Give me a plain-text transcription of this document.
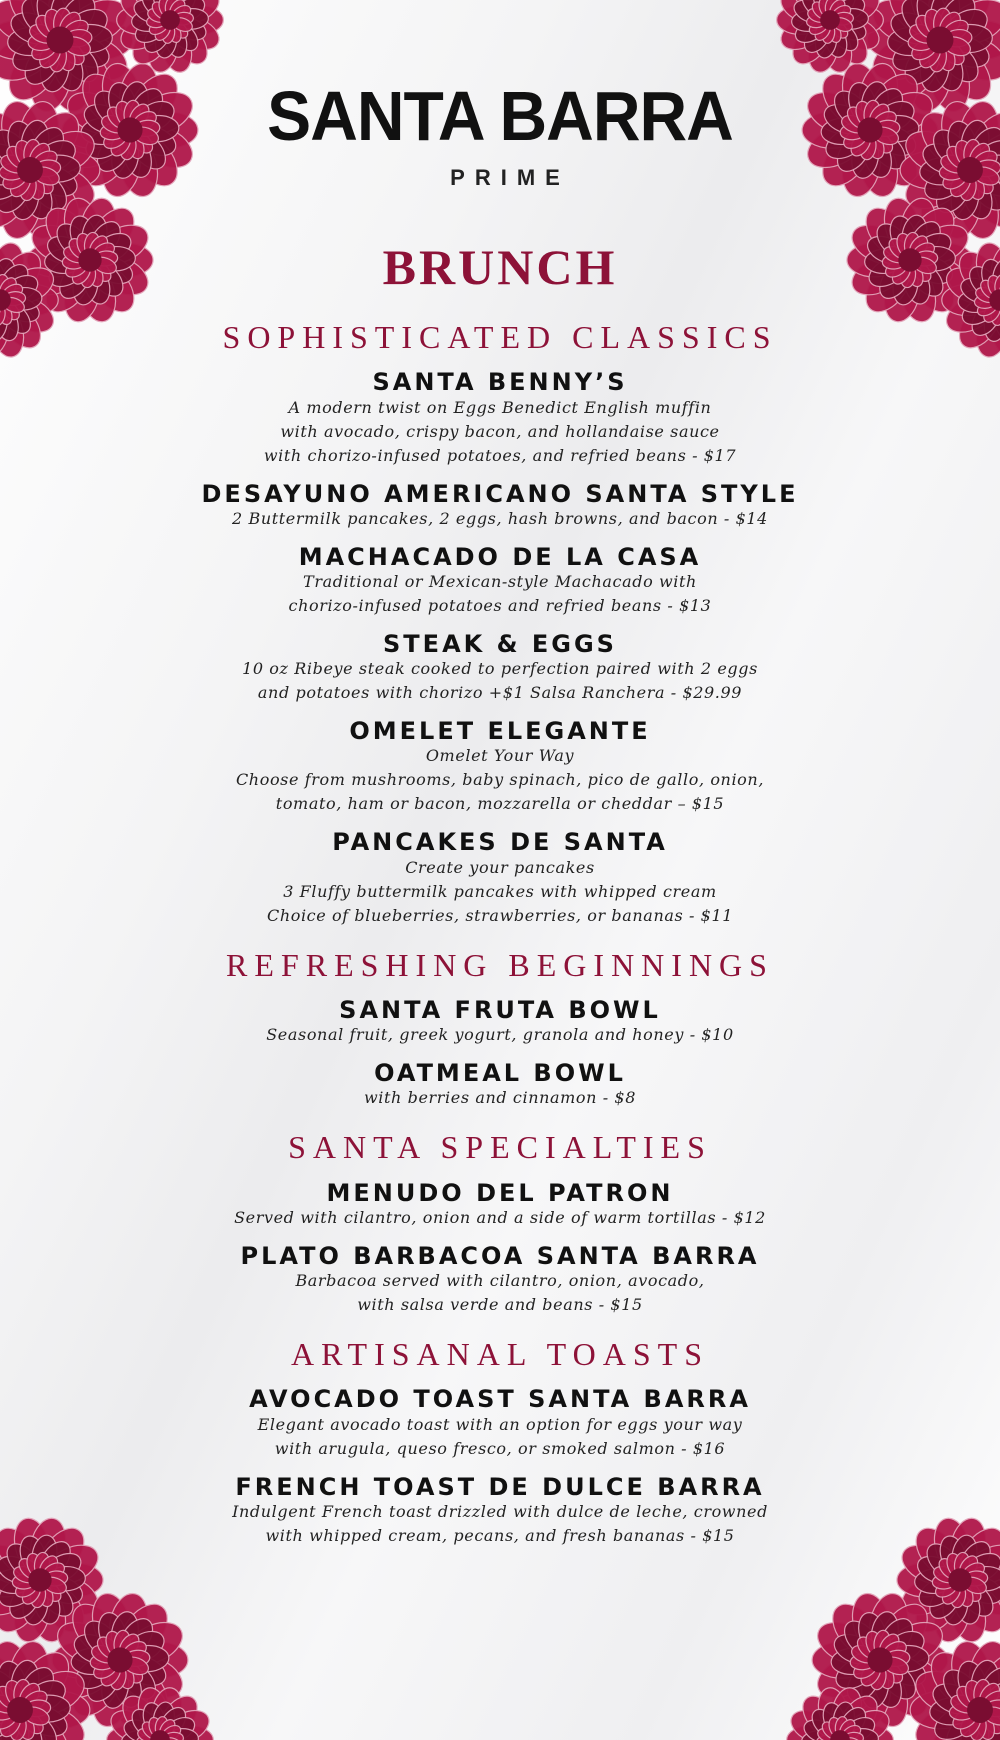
SANTA BARRA
PRIME
BRUNCH
SOPHISTICATED CLASSICS
SANTA BENNY’S
A modern twist on Eggs Benedict English muffin
with avocado, crispy bacon, and hollandaise sauce
with chorizo-infused potatoes, and refried beans - $17
DESAYUNO AMERICANO SANTA STYLE
2 Buttermilk pancakes, 2 eggs, hash browns, and bacon - $14
MACHACADO DE LA CASA
Traditional or Mexican-style Machacado with
chorizo-infused potatoes and refried beans - $13
STEAK & EGGS
10 oz Ribeye steak cooked to perfection paired with 2 eggs
and potatoes with chorizo +$1 Salsa Ranchera - $29.99
OMELET ELEGANTE
Omelet Your Way
Choose from mushrooms, baby spinach, pico de gallo, onion,
tomato, ham or bacon, mozzarella or cheddar – $15
PANCAKES DE SANTA
Create your pancakes
3 Fluffy buttermilk pancakes with whipped cream
Choice of blueberries, strawberries, or bananas - $11
REFRESHING BEGINNINGS
SANTA FRUTA BOWL
Seasonal fruit, greek yogurt, granola and honey - $10
OATMEAL BOWL
with berries and cinnamon - $8
SANTA SPECIALTIES
MENUDO DEL PATRON
Served with cilantro, onion and a side of warm tortillas - $12
PLATO BARBACOA SANTA BARRA
Barbacoa served with cilantro, onion, avocado,
with salsa verde and beans - $15
ARTISANAL TOASTS
AVOCADO TOAST SANTA BARRA
Elegant avocado toast with an option for eggs your way
with arugula, queso fresco, or smoked salmon - $16
FRENCH TOAST DE DULCE BARRA
Indulgent French toast drizzled with dulce de leche, crowned
with whipped cream, pecans, and fresh bananas - $15
